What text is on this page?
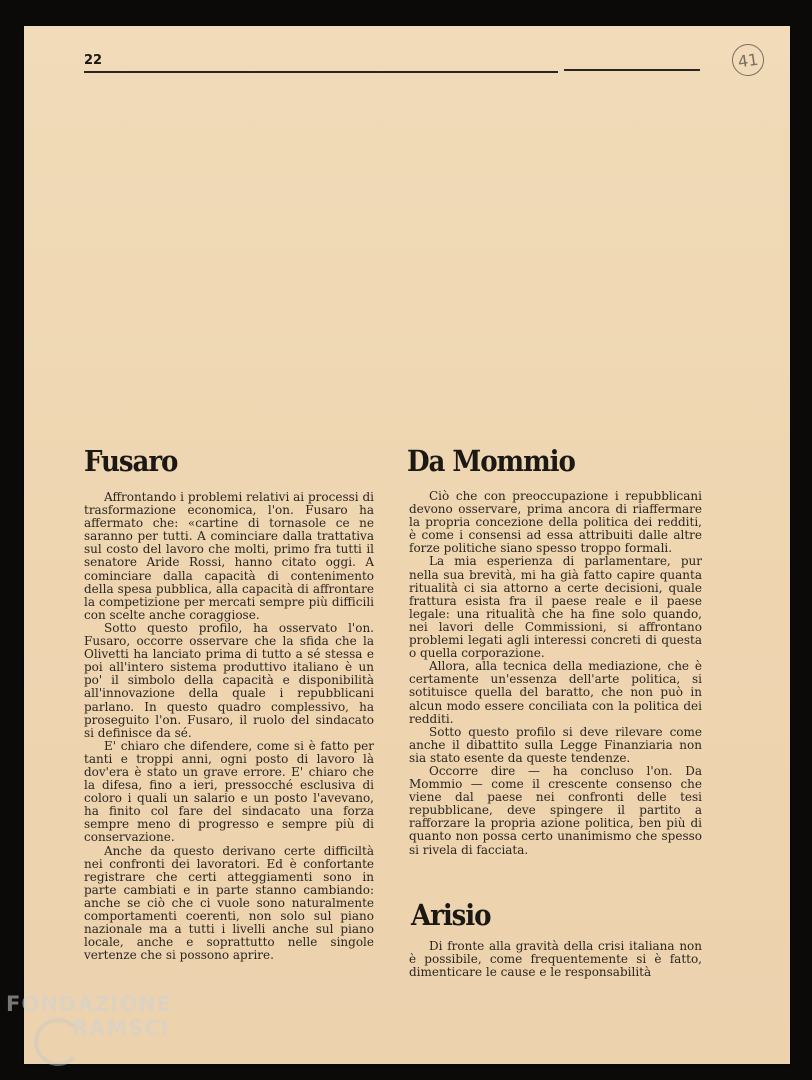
22	41
Fusaro

Affrontando i problemi relativi ai processi di trasformazione economica, l'on. Fusaro ha affermato che: «cartine di tornasole ce ne saranno per tutti. A cominciare dalla trattativa sul costo del lavoro che molti, primo fra tutti il senatore Aride Rossi, hanno citato oggi. A cominciare dalla capacità di contenimento della spesa pubblica, alla capacità di affrontare la competizione per mercati sempre più difficili con scelte anche coraggiose.

Sotto questo profilo, ha osservato l'on. Fusaro, occorre osservare che la sfida che la Olivetti ha lanciato prima di tutto a sé stessa e poi all'intero sistema produttivo italiano è un po' il simbolo della capacità e disponibilità all'innovazione della quale i repubblicani parlano. In questo quadro complessivo, ha proseguito l'on. Fusaro, il ruolo del sindacato si definisce da sé.

E' chiaro che difendere, come si è fatto per tanti e troppi anni, ogni posto di lavoro là dov'era è stato un grave errore. E' chiaro che la difesa, fino a ieri, pressocché esclusiva di coloro i quali un salario e un posto l'avevano, ha finito col fare del sindacato una forza sempre meno di progresso e sempre più di conservazione.

Anche da questo derivano certe difficiltà nei confronti dei lavoratori. Ed è confortante registrare che certi atteggiamenti sono in parte cambiati e in parte stanno cambiando: anche se ciò che ci vuole sono naturalmente comportamenti coerenti, non solo sul piano nazionale ma a tutti i livelli anche sul piano locale, anche e soprattutto nelle singole vertenze che si possono aprire.

Da Mommio

Ciò che con preoccupazione i repubblicani devono osservare, prima ancora di riaffermare la propria concezione della politica dei redditi, è come i consensi ad essa attribuiti dalle altre forze politiche siano spesso troppo formali.

La mia esperienza di parlamentare, pur nella sua brevità, mi ha già fatto capire quanta ritualità ci sia attorno a certe decisioni, quale frattura esista fra il paese reale e il paese legale: una ritualità che ha fine solo quando, nei lavori delle Commissioni, si affrontano problemi legati agli interessi concreti di questa o quella corporazione.

Allora, alla tecnica della mediazione, che è certamente un'essenza dell'arte politica, si sotituisce quella del baratto, che non può in alcun modo essere conciliata con la politica dei redditi.

Sotto questo profilo si deve rilevare come anche il dibattito sulla Legge Finanziaria non sia stato esente da queste tendenze.

Occorre dire — ha concluso l'on. Da Mommio — come il crescente consenso che viene dal paese nei confronti delle tesi repubblicane, deve spingere il partito a rafforzare la propria azione politica, ben più di quanto non possa certo unanimismo che spesso si rivela di facciata.

Arisio

Di fronte alla gravità della crisi italiana non è possibile, come frequentemente si è fatto, dimenticare le cause e le responsabilità

FONDAZIONE
RAMSCI
